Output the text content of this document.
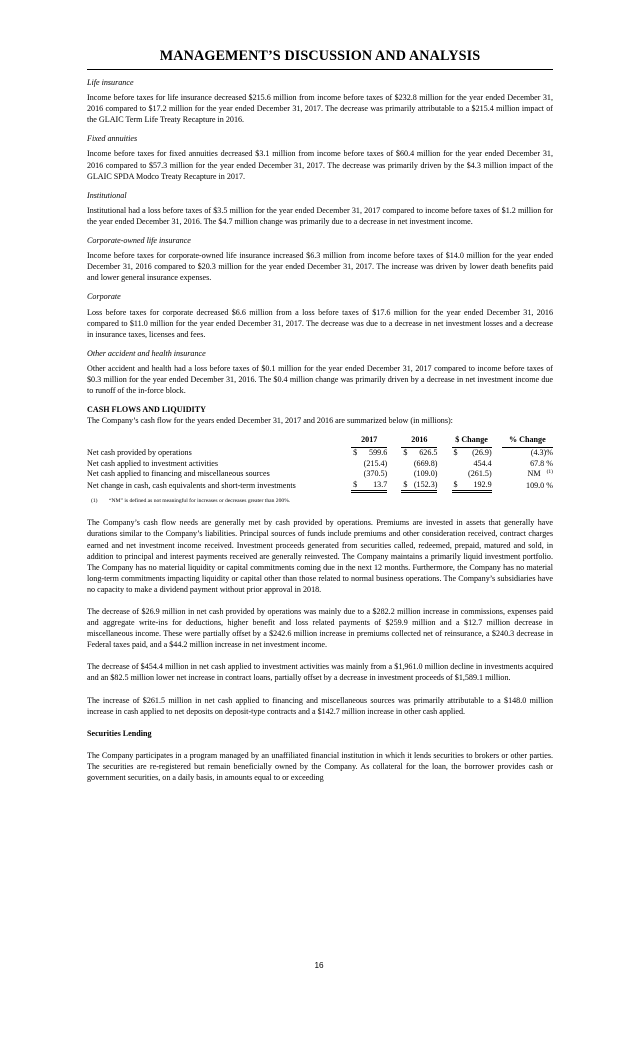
MANAGEMENT’S DISCUSSION AND ANALYSIS

Life insurance

Income before taxes for life insurance decreased $215.6 million from income before taxes of $232.8 million for the year ended December 31, 2016 compared to $17.2 million for the year ended December 31, 2017. The decrease was primarily attributable to a $215.4 million impact of the GLAIC Term Life Treaty Recapture in 2016.

Fixed annuities

Income before taxes for fixed annuities decreased $3.1 million from income before taxes of $60.4 million for the year ended December 31, 2016 compared to $57.3 million for the year ended December 31, 2017. The decrease was primarily driven by the $4.3 million impact of the GLAIC SPDA Modco Treaty Recapture in 2017.

Institutional

Institutional had a loss before taxes of $3.5 million for the year ended December 31, 2017 compared to income before taxes of $1.2 million for the year ended December 31, 2016. The $4.7 million change was primarily due to a decrease in net investment income.

Corporate-owned life insurance

Income before taxes for corporate-owned life insurance increased $6.3 million from income before taxes of $14.0 million for the year ended December 31, 2016 compared to $20.3 million for the year ended December 31, 2017. The increase was driven by lower death benefits paid and lower general insurance expenses.

Corporate

Loss before taxes for corporate decreased $6.6 million from a loss before taxes of $17.6 million for the year ended December 31, 2016 compared to $11.0 million for the year ended December 31, 2017. The decrease was due to a decrease in net investment losses and a decrease in insurance taxes, licenses and fees.

Other accident and health insurance

Other accident and health had a loss before taxes of $0.1 million for the year ended December 31, 2017 compared to income before taxes of $0.3 million for the year ended December 31, 2016. The $0.4 million change was primarily driven by a decrease in net investment income due to runoff of the in-force block.

CASH FLOWS AND LIQUIDITY

The Company’s cash flow for the years ended December 31, 2017 and 2016 are summarized below (in millions):

	2017			2016			$ Change			% Change
Net cash provided by operations	$	599.6		$	626.5		$	(26.9)		(4.3)%
Net cash applied to investment activities		(215.4)			(669.8)			454.4		67.8 %
Net cash applied to financing and miscellaneous sources		(370.5)			(109.0)			(261.5)		NM $^{(1)}$
Net change in cash, cash equivalents and short-term investments	$	13.7		$	(152.3)		$	192.9		109.0 %

(1) “NM” is defined as not meaningful for increases or decreases greater than 200%.

The Company’s cash flow needs are generally met by cash provided by operations. Premiums are invested in assets that generally have durations similar to the Company’s liabilities. Principal sources of funds include premiums and other consideration received, contract charges earned and net investment income received. Investment proceeds generated from securities called, redeemed, prepaid, matured and sold, in addition to principal and interest payments received are generally reinvested. The Company maintains a primarily liquid investment portfolio. The Company has no material liquidity or capital commitments coming due in the next 12 months. Furthermore, the Company has no material long-term commitments impacting liquidity or capital other than those related to normal business operations. The Company’s subsidiaries have no capacity to make a dividend payment without prior approval in 2018.

The decrease of $26.9 million in net cash provided by operations was mainly due to a $282.2 million increase in commissions, expenses paid and aggregate write-ins for deductions, higher benefit and loss related payments of $259.9 million and a $12.7 million decrease in miscellaneous income. These were partially offset by a $242.6 million increase in premiums collected net of reinsurance, a $240.3 decrease in Federal taxes paid, and a $44.2 million increase in net investment income.

The decrease of $454.4 million in net cash applied to investment activities was mainly from a $1,961.0 million decline in investments acquired and an $82.5 million lower net increase in contract loans, partially offset by a decrease in investment proceeds of $1,589.1 million.

The increase of $261.5 million in net cash applied to financing and miscellaneous sources was primarily attributable to a $148.0 million increase in cash applied to net deposits on deposit-type contracts and a $142.7 million increase in other cash applied.

Securities Lending

The Company participates in a program managed by an unaffiliated financial institution in which it lends securities to brokers or other parties. The securities are re-registered but remain beneficially owned by the Company. As collateral for the loan, the borrower provides cash or government securities, on a daily basis, in amounts equal to or exceeding

16
